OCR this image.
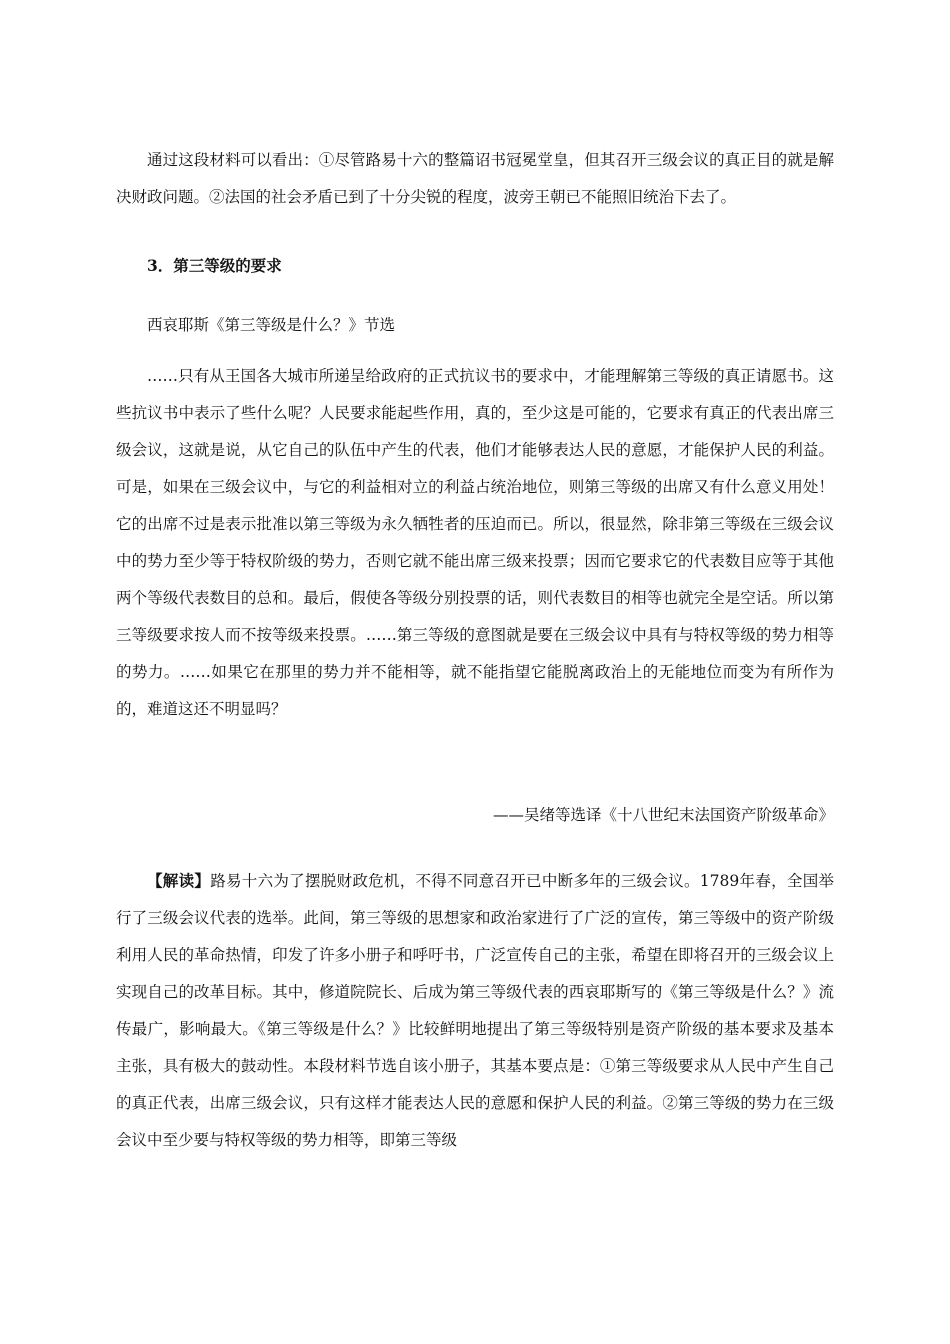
通过这段材料可以看出：①尽管路易十六的整篇诏书冠冕堂皇，但其召开三级会议的真正目的就是解决财政问题。②法国的社会矛盾已到了十分尖锐的程度，波旁王朝已不能照旧统治下去了。

3．第三等级的要求

西哀耶斯《第三等级是什么？》节选

……只有从王国各大城市所递呈给政府的正式抗议书的要求中，才能理解第三等级的真正请愿书。这些抗议书中表示了些什么呢？人民要求能起些作用，真的，至少这是可能的，它要求有真正的代表出席三级会议，这就是说，从它自己的队伍中产生的代表，他们才能够表达人民的意愿，才能保护人民的利益。可是，如果在三级会议中，与它的利益相对立的利益占统治地位，则第三等级的出席又有什么意义用处！它的出席不过是表示批准以第三等级为永久牺牲者的压迫而已。所以，很显然，除非第三等级在三级会议中的势力至少等于特权阶级的势力，否则它就不能出席三级来投票；因而它要求它的代表数目应等于其他两个等级代表数目的总和。最后，假使各等级分别投票的话，则代表数目的相等也就完全是空话。所以第三等级要求按人而不按等级来投票。……第三等级的意图就是要在三级会议中具有与特权等级的势力相等的势力。……如果它在那里的势力并不能相等，就不能指望它能脱离政治上的无能地位而变为有所作为的，难道这还不明显吗？

——吴绪等选译《十八世纪末法国资产阶级革命》

【解读】路易十六为了摆脱财政危机，不得不同意召开已中断多年的三级会议。1789年春，全国举行了三级会议代表的选举。此间，第三等级的思想家和政治家进行了广泛的宣传，第三等级中的资产阶级利用人民的革命热情，印发了许多小册子和呼吁书，广泛宣传自己的主张，希望在即将召开的三级会议上实现自己的改革目标。其中，修道院院长、后成为第三等级代表的西哀耶斯写的《第三等级是什么？》流传最广，影响最大。《第三等级是什么？》比较鲜明地提出了第三等级特别是资产阶级的基本要求及基本主张，具有极大的鼓动性。本段材料节选自该小册子，其基本要点是：①第三等级要求从人民中产生自己的真正代表，出席三级会议，只有这样才能表达人民的意愿和保护人民的利益。②第三等级的势力在三级会议中至少要与特权等级的势力相等，即第三等级
